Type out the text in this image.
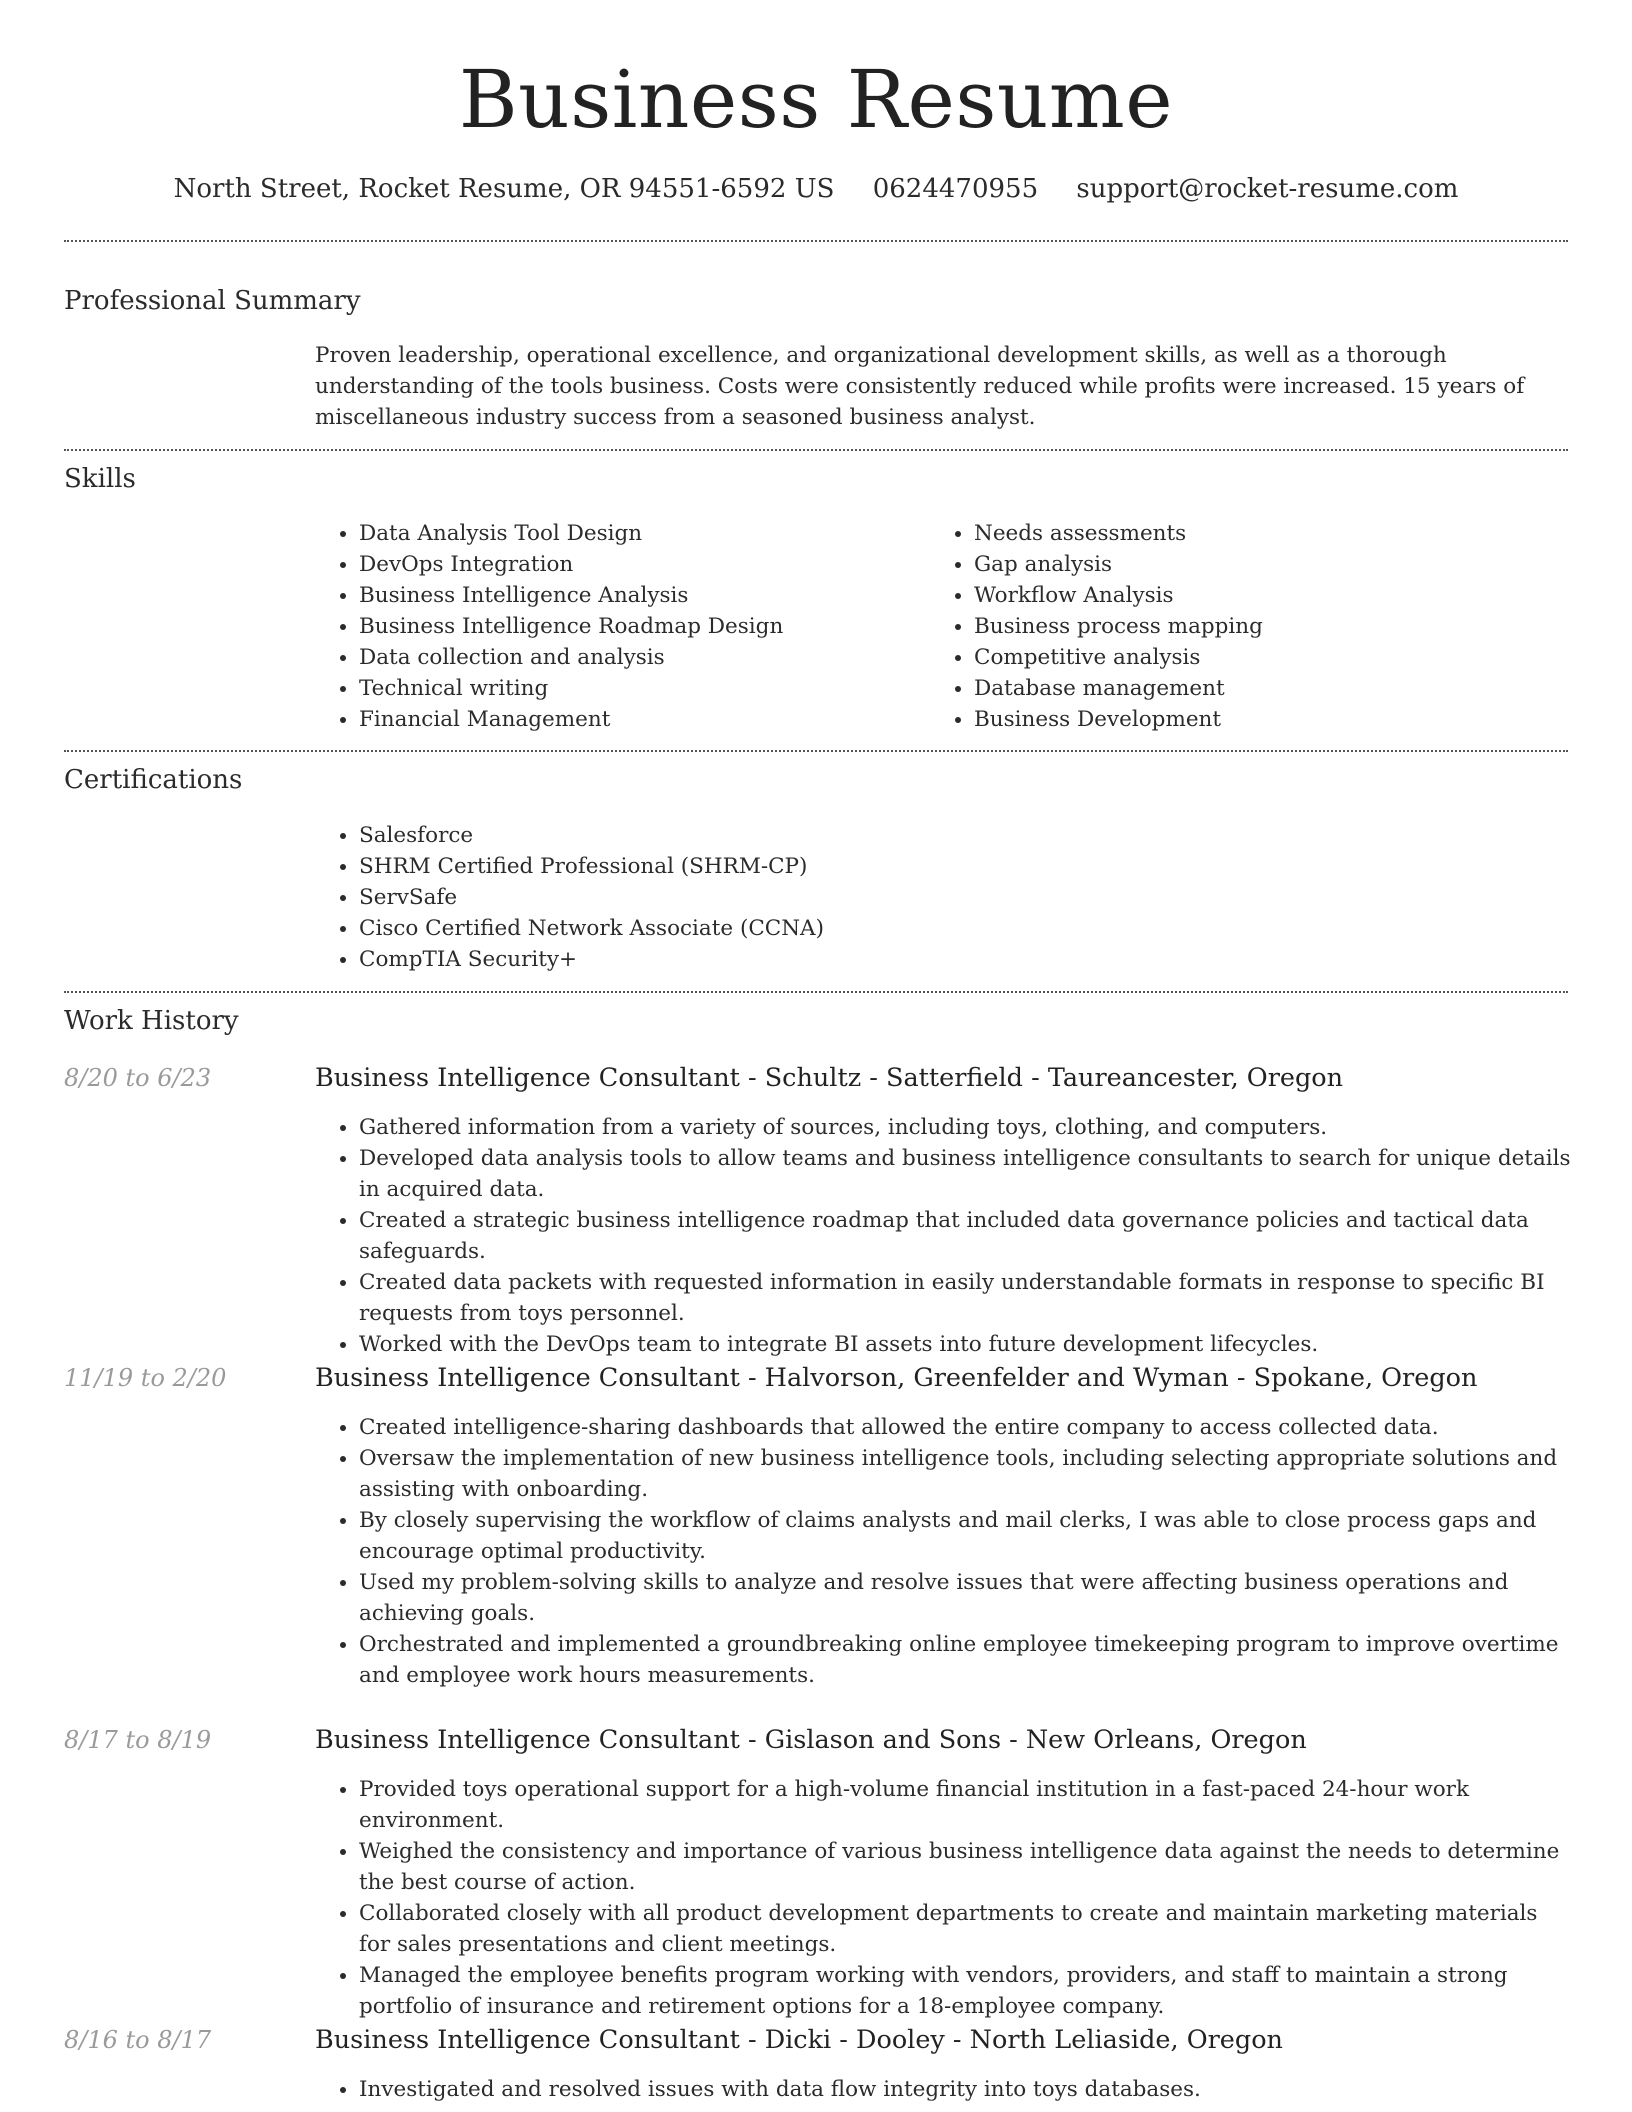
Business Resume
North Street, Rocket Resume, OR 94551-6592 US 0624470955 support@rocket-resume.com
Professional Summary

Proven leadership, operational excellence, and organizational development skills, as well as a thorough understanding of the tools business. Costs were consistently reduced while profits were increased. 15 years of miscellaneous industry success from a seasoned business analyst.

Skills
• Data Analysis Tool Design
• DevOps Integration
• Business Intelligence Analysis
• Business Intelligence Roadmap Design
• Data collection and analysis
• Technical writing
• Financial Management
• Needs assessments
• Gap analysis
• Workflow Analysis
• Business process mapping
• Competitive analysis
• Database management
• Business Development
Certifications
• Salesforce
• SHRM Certified Professional (SHRM-CP)
• ServSafe
• Cisco Certified Network Associate (CCNA)
• CompTIA Security+
Work History
8/20 to 6/23	Business Intelligence Consultant - Schultz - Satterfield - Taureancester, Oregon
• Gathered information from a variety of sources, including toys, clothing, and computers.
• Developed data analysis tools to allow teams and business intelligence consultants to search for unique details in acquired data.
• Created a strategic business intelligence roadmap that included data governance policies and tactical data safeguards.
• Created data packets with requested information in easily understandable formats in response to specific BI requests from toys personnel.
• Worked with the DevOps team to integrate BI assets into future development lifecycles.
11/19 to 2/20	Business Intelligence Consultant - Halvorson, Greenfelder and Wyman - Spokane, Oregon
• Created intelligence-sharing dashboards that allowed the entire company to access collected data.
• Oversaw the implementation of new business intelligence tools, including selecting appropriate solutions and assisting with onboarding.
• By closely supervising the workflow of claims analysts and mail clerks, I was able to close process gaps and encourage optimal productivity.
• Used my problem-solving skills to analyze and resolve issues that were affecting business operations and achieving goals.
• Orchestrated and implemented a groundbreaking online employee timekeeping program to improve overtime and employee work hours measurements.
8/17 to 8/19	Business Intelligence Consultant - Gislason and Sons - New Orleans, Oregon
• Provided toys operational support for a high-volume financial institution in a fast-paced 24-hour work environment.
• Weighed the consistency and importance of various business intelligence data against the needs to determine the best course of action.
• Collaborated closely with all product development departments to create and maintain marketing materials for sales presentations and client meetings.
• Managed the employee benefits program working with vendors, providers, and staff to maintain a strong portfolio of insurance and retirement options for a 18-employee company.
8/16 to 8/17	Business Intelligence Consultant - Dicki - Dooley - North Leliaside, Oregon
• Investigated and resolved issues with data flow integrity into toys databases.
